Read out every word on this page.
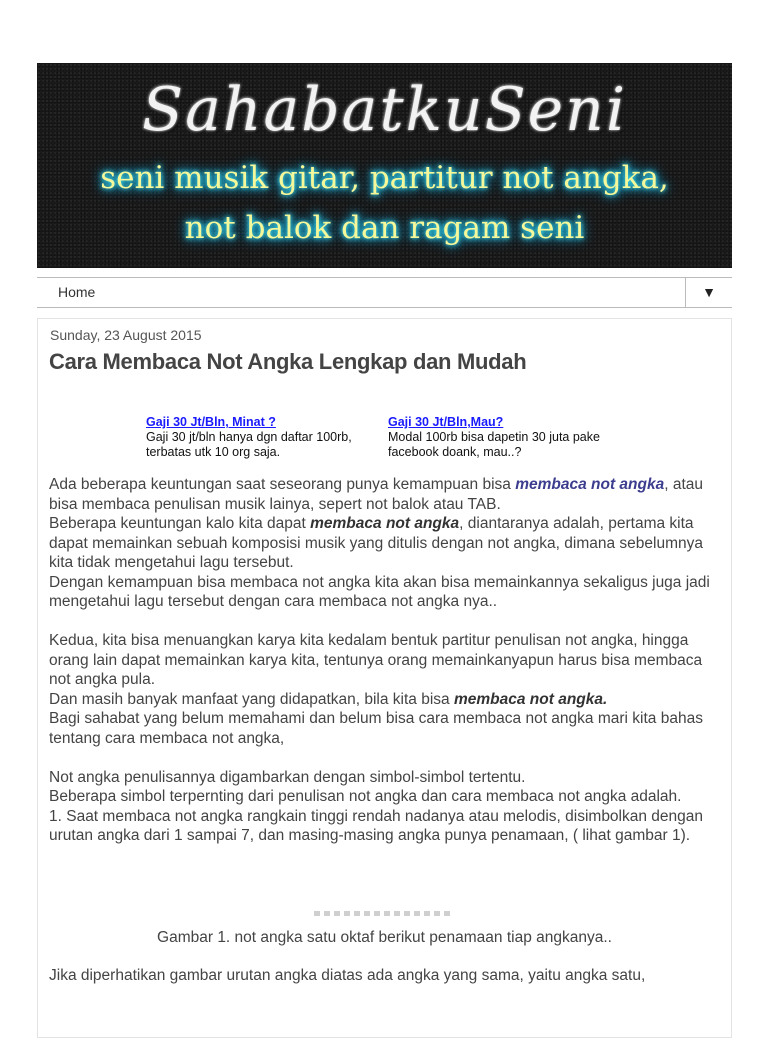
SahabatkuSeni

seni musik gitar, partitur not angka,

not balok dan ragam seni

Home	▼
Sunday, 23 August 2015
Cara Membaca Not Angka Lengkap dan Mudah
Gaji 30 Jt/Bln, Minat ?
Gaji 30 jt/bln hanya dgn daftar 100rb, terbatas utk 10 org saja.
Gaji 30 Jt/Bln,Mau?
Modal 100rb bisa dapetin 30 juta pake facebook doank, mau..?

Ada beberapa keuntungan saat seseorang punya kemampuan bisa membaca not angka, atau bisa membaca penulisan musik lainya, sepert not balok atau TAB.

Beberapa keuntungan kalo kita dapat membaca not angka, diantaranya adalah, pertama kita dapat memainkan sebuah komposisi musik yang ditulis dengan not angka, dimana sebelumnya kita tidak mengetahui lagu tersebut.

Dengan kemampuan bisa membaca not angka kita akan bisa memainkannya sekaligus juga jadi mengetahui lagu tersebut dengan cara membaca not angka nya..

Kedua, kita bisa menuangkan karya kita kedalam bentuk partitur penulisan not angka, hingga orang lain dapat memainkan karya kita, tentunya orang memainkanyapun harus bisa membaca not angka pula.

Dan masih banyak manfaat yang didapatkan, bila kita bisa membaca not angka.

Bagi sahabat yang belum memahami dan belum bisa cara membaca not angka mari kita bahas tentang cara membaca not angka,

Not angka penulisannya digambarkan dengan simbol-simbol tertentu.

Beberapa simbol terpernting dari penulisan not angka dan cara membaca not angka adalah.

1. Saat membaca not angka rangkain tinggi rendah nadanya atau melodis, disimbolkan dengan urutan angka dari 1 sampai 7, dan masing-masing angka punya penamaan, ( lihat gambar 1).

Gambar 1. not angka satu oktaf berikut penamaan tiap angkanya..
Jika diperhatikan gambar urutan angka diatas ada angka yang sama, yaitu angka satu,
